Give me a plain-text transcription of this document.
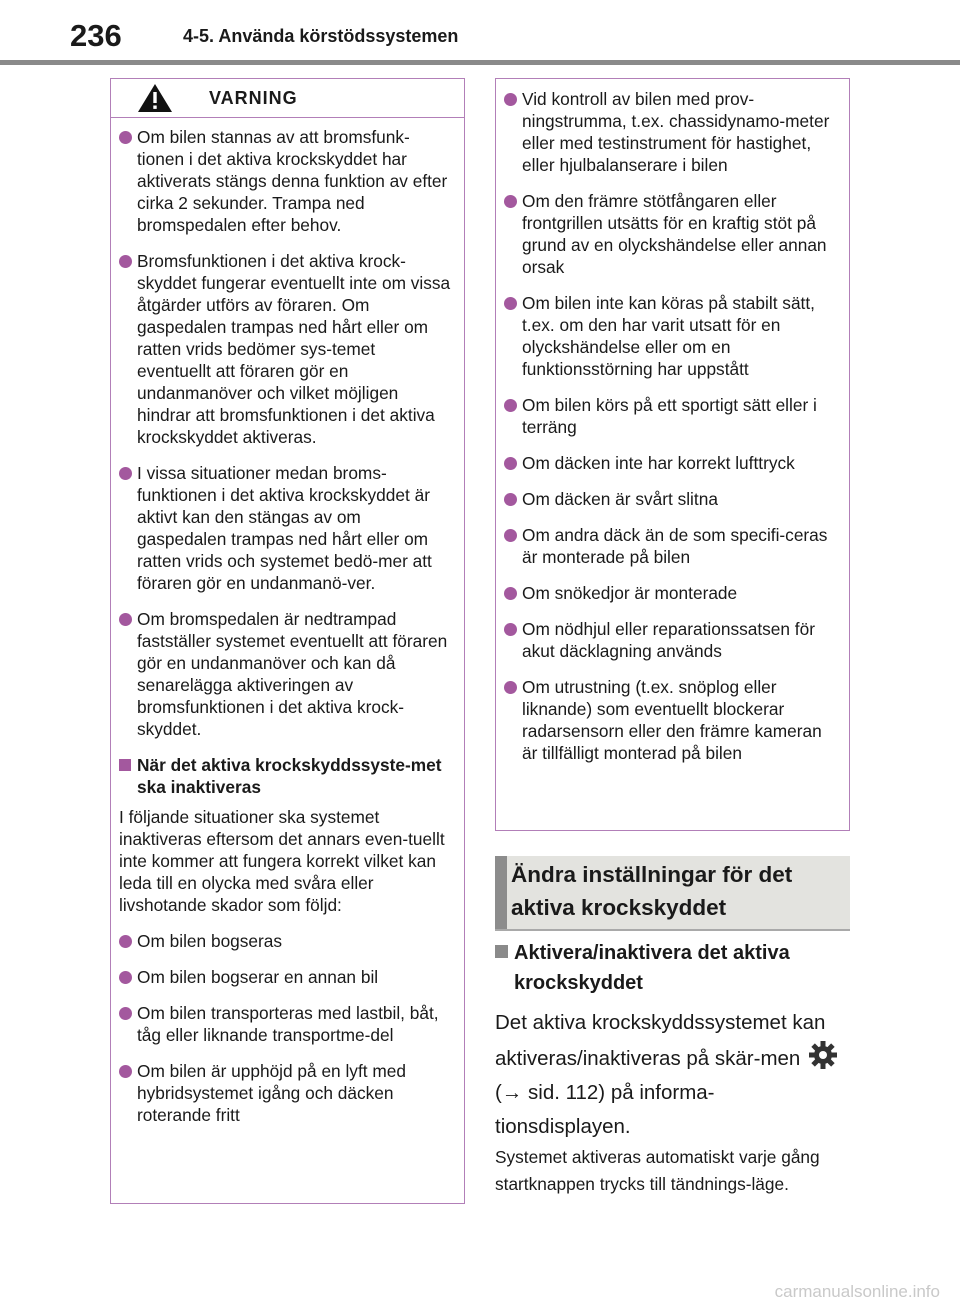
236	4-5. Använda körstödssystemen
VARNING
Om bilen stannas av att bromsfunk-tionen i det aktiva krockskyddet har aktiverats stängs denna funktion av efter cirka 2 sekunder. Trampa ned bromspedalen efter behov.
Bromsfunktionen i det aktiva krock-skyddet fungerar eventuellt inte om vissa åtgärder utförs av föraren. Om gaspedalen trampas ned hårt eller om ratten vrids bedömer sys-temet eventuellt att föraren gör en undanmanöver och vilket möjligen hindrar att bromsfunktionen i det aktiva krockskyddet aktiveras.
I vissa situationer medan broms-funktionen i det aktiva krockskyddet är aktivt kan den stängas av om gaspedalen trampas ned hårt eller om ratten vrids och systemet bedö-mer att föraren gör en undanmanö-ver.
Om bromspedalen är nedtrampad fastställer systemet eventuellt att föraren gör en undanmanöver och kan då senarelägga aktiveringen av bromsfunktionen i det aktiva krock-skyddet.
När det aktiva krockskyddssyste-met ska inaktiveras
I följande situationer ska systemet inaktiveras eftersom det annars even-tuellt inte kommer att fungera korrekt vilket kan leda till en olycka med svåra eller livshotande skador som följd:
Om bilen bogseras
Om bilen bogserar en annan bil
Om bilen transporteras med lastbil, båt, tåg eller liknande transportme-del
Om bilen är upphöjd på en lyft med hybridsystemet igång och däcken roterande fritt
Vid kontroll av bilen med prov-ningstrumma, t.ex. chassidynamo-meter eller med testinstrument för hastighet, eller hjulbalanserare i bilen
Om den främre stötfångaren eller frontgrillen utsätts för en kraftig stöt på grund av en olyckshändelse eller annan orsak
Om bilen inte kan köras på stabilt sätt, t.ex. om den har varit utsatt för en olyckshändelse eller om en funktionsstörning har uppstått
Om bilen körs på ett sportigt sätt eller i terräng
Om däcken inte har korrekt lufttryck
Om däcken är svårt slitna
Om andra däck än de som specifi-ceras är monterade på bilen
Om snökedjor är monterade
Om nödhjul eller reparationssatsen för akut däcklagning används
Om utrustning (t.ex. snöplog eller liknande) som eventuellt blockerar radarsensorn eller den främre kameran är tillfälligt monterad på bilen
Ändra inställningar för det aktiva krockskyddet
Aktivera/inaktivera det aktiva krockskyddet
Det aktiva krockskyddssystemet kan aktiveras/inaktiveras på skär-men  (→ sid. 112) på informa-tionsdisplayen.
Systemet aktiveras automatiskt varje gång startknappen trycks till tändnings-läge.
carmanualsonline.info
